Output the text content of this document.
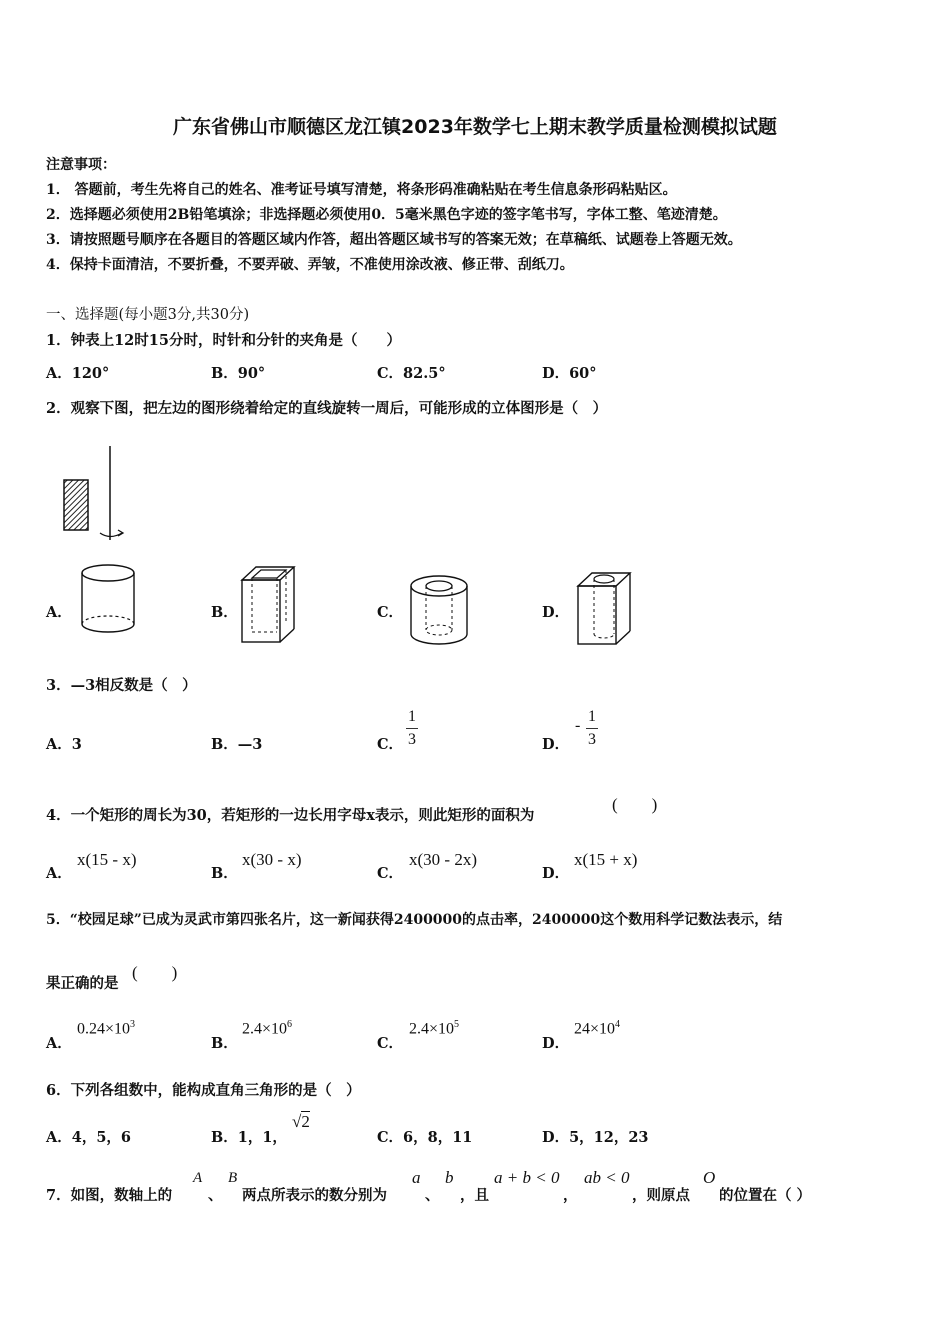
广东省佛山市顺德区龙江镇2023年数学七上期末教学质量检测模拟试题
注意事项：
1． 答题前，考生先将自己的姓名、准考证号填写清楚，将条形码准确粘贴在考生信息条形码粘贴区。
2．选择题必须使用2B铅笔填涂；非选择题必须使用0．5毫米黑色字迹的签字笔书写，字体工整、笔迹清楚。
3．请按照题号顺序在各题目的答题区域内作答，超出答题区域书写的答案无效；在草稿纸、试题卷上答题无效。
4．保持卡面清洁，不要折叠，不要弄破、弄皱，不准使用涂改液、修正带、刮纸刀。
一、选择题(每小题3分,共30分)
1．钟表上12时15分时，时针和分针的夹角是（　　）
A．120°	B．90°	C．82.5°	D．60°
2．观察下图，把左边的图形绕着给定的直线旋转一周后，可能形成的立体图形是（　）
A．	B．	C．	D．
3．—3相反数是（　）
A．3	B．—3	C．
1
3	D．
-
1
3
4．一个矩形的周长为30，若矩形的一边长用字母x表示，则此矩形的面积为
(　　)
A．
x(15 - x)
B．
x(30 - x)
C．
x(30 - 2x)
D．
x(15 + x)
5．“校园足球”已成为灵武市第四张名片，这一新闻获得2400000的点击率，2400000这个数用科学记数法表示，结
果正确的是
(　　)
A．
$0.24\times 10^3$
B．
$2.4\times 10^6$
C．
$2.4\times 10^5$
D．
$24\times 10^4$
6．下列各组数中，能构成直角三角形的是（　）
A．4，5，6	B．1，1，
√2
C．6，8，11	D．5，12，23
7．如图，数轴上的
A
、
B
两点所表示的数分别为
a
、
b
，且
a + b < 0
，
ab < 0
，则原点
O
的位置在（ ）
